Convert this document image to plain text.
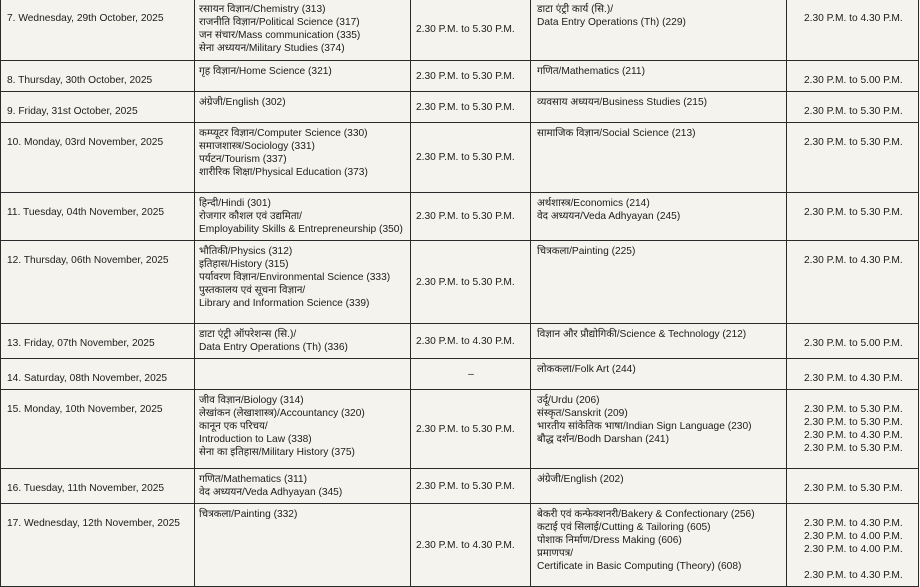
7. Wednesday, 29th October, 2025	रसायन विज्ञान/Chemistry (313)
राजनीति विज्ञान/Political Science (317)
जन संचार/Mass communication (335)
सेना अध्ययन/Military Studies (374)	2.30 P.M. to 5.30 P.M.	डाटा एंट्री कार्य (सि.)/
Data Entry Operations (Th) (229)	2.30 P.M. to 4.30 P.M.

8. Thursday, 30th October, 2025	गृह विज्ञान/Home Science (321)	2.30 P.M. to 5.30 P.M.	गणित/Mathematics (211)	2.30 P.M. to 5.00 P.M.

9. Friday, 31st October, 2025	अंग्रेजी/English (302)	2.30 P.M. to 5.30 P.M.	व्यवसाय अध्ययन/Business Studies (215)	2.30 P.M. to 5.30 P.M.

10. Monday, 03rd November, 2025	कम्प्यूटर विज्ञान/Computer Science (330)
समाजशास्त्र/Sociology (331)
पर्यटन/Tourism (337)
शारीरिक शिक्षा/Physical Education (373)	2.30 P.M. to 5.30 P.M.	सामाजिक विज्ञान/Social Science (213)	2.30 P.M. to 5.30 P.M.

11. Tuesday, 04th November, 2025	हिन्दी/Hindi (301)
रोजगार कौशल एवं उद्यमिता/
Employability Skills & Entrepreneurship (350)	2.30 P.M. to 5.30 P.M.	अर्थशास्त्र/Economics (214)
वेद अध्ययन/Veda Adhyayan (245)	2.30 P.M. to 5.30 P.M.

12. Thursday, 06th November, 2025	भौतिकी/Physics (312)
इतिहास/History (315)
पर्यावरण विज्ञान/Environmental Science (333)
पुस्तकालय एवं सूचना विज्ञान/
Library and Information Science (339)	2.30 P.M. to 5.30 P.M.	चित्रकला/Painting (225)	2.30 P.M. to 4.30 P.M.

13. Friday, 07th November, 2025	डाटा एंट्री ऑपरेशन्स (सि.)/
Data Entry Operations (Th) (336)	2.30 P.M. to 4.30 P.M.	विज्ञान और प्रौद्योगिकी/Science & Technology (212)	2.30 P.M. to 5.00 P.M.

14. Saturday, 08th November, 2025		–	लोककला/Folk Art (244)	2.30 P.M. to 4.30 P.M.

15. Monday, 10th November, 2025	जीव विज्ञान/Biology (314)
लेखांकन (लेखाशास्त्र)/Accountancy (320)
कानून एक परिचय/
Introduction to Law (338)
सेना का इतिहास/Military History (375)	2.30 P.M. to 5.30 P.M.	उर्दू/Urdu (206)
संस्कृत/Sanskrit (209)
भारतीय सांकेतिक भाषा/Indian Sign Language (230)
बौद्ध दर्शन/Bodh Darshan (241)	2.30 P.M. to 5.30 P.M.
2.30 P.M. to 5.30 P.M.
2.30 P.M. to 4.30 P.M.
2.30 P.M. to 5.30 P.M.

16. Tuesday, 11th November, 2025	गणित/Mathematics (311)
वेद अध्ययन/Veda Adhyayan (345)	2.30 P.M. to 5.30 P.M.	अंग्रेजी/English (202)	2.30 P.M. to 5.30 P.M.

17. Wednesday, 12th November, 2025	चित्रकला/Painting (332)	2.30 P.M. to 4.30 P.M.	बेकरी एवं कन्फेक्शनरी/Bakery & Confectionary (256)
कटाई एवं सिलाई/Cutting & Tailoring (605)
पोशाक निर्माण/Dress Making (606)
प्रमाणपत्र/
Certificate in Basic Computing (Theory) (608)	2.30 P.M. to 4.30 P.M.
2.30 P.M. to 4.00 P.M.
2.30 P.M. to 4.00 P.M.
2.30 P.M. to 4.30 P.M.
